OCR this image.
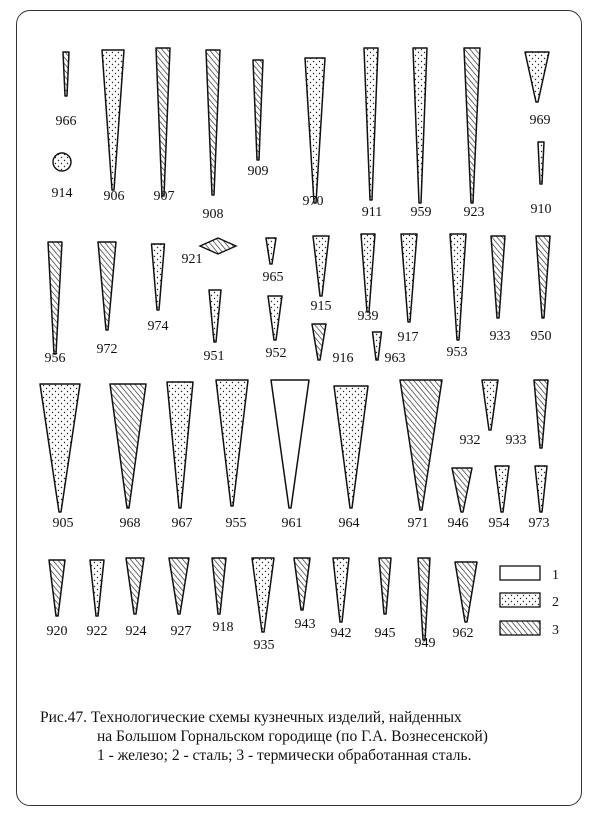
966
914 906 907
908
909
970
911 959 923
969
910
956
972
974
921
965
951	952
915
939
916 963
917
953
933 950
905	968 967 955	961	964	971
932 933
946 954 973
920 922 924 927 918
935
943
942 945
949
962
1
2
3
Рис.47. Технологические схемы кузнечных изделий, найденных
на Большом Горнальском городище (по Г.А. Вознесенской)
1 - железо; 2 - сталь; 3 - термически обработанная сталь.
